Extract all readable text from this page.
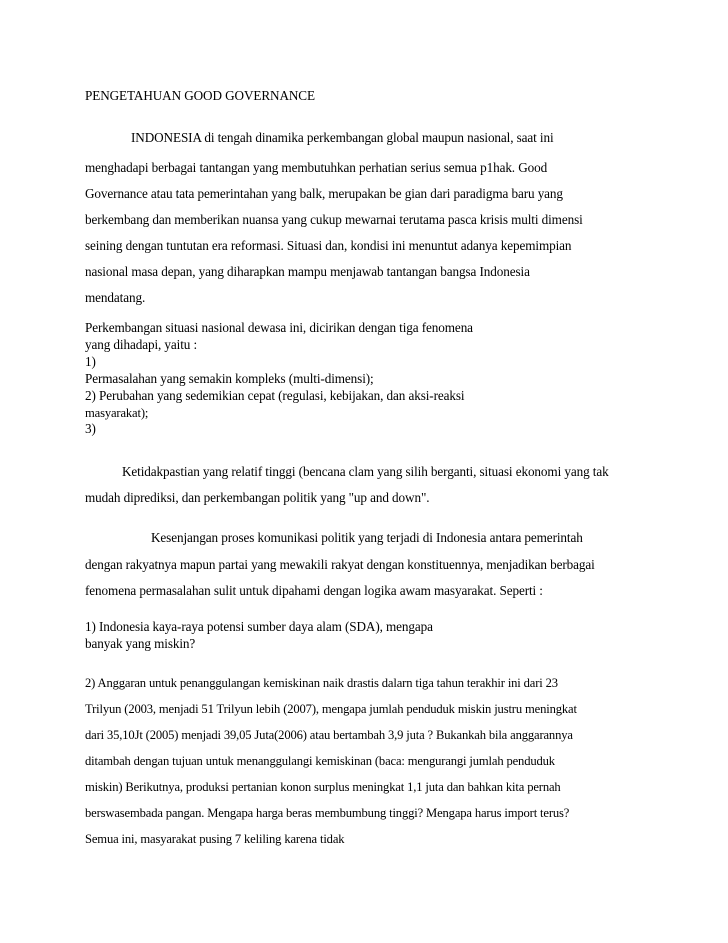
PENGETAHUAN GOOD GOVERNANCE
INDONESIA di tengah dinamika perkembangan global maupun nasional, saat ini
menghadapi berbagai tantangan yang membutuhkan perhatian serius semua p1hak. Good
Governance atau tata pemerintahan yang balk, merupakan be gian dari paradigma baru yang
berkembang dan memberikan nuansa yang cukup mewarnai terutama pasca krisis multi dimensi
seining dengan tuntutan era reformasi. Situasi dan, kondisi ini menuntut adanya kepemimpian
nasional masa depan, yang diharapkan mampu menjawab tantangan bangsa Indonesia
mendatang.
Perkembangan situasi nasional dewasa ini, dicirikan dengan tiga fenomena
yang dihadapi, yaitu :
1)
Permasalahan yang semakin kompleks (multi-dimensi);
2) Perubahan yang sedemikian cepat (regulasi, kebijakan, dan aksi-reaksi
masyarakat);
3)
Ketidakpastian yang relatif tinggi (bencana clam yang silih berganti, situasi ekonomi yang tak
mudah diprediksi, dan perkembangan politik yang "up and down".
Kesenjangan proses komunikasi politik yang terjadi di Indonesia antara pemerintah
dengan rakyatnya mapun partai yang mewakili rakyat dengan konstituennya, menjadikan berbagai
fenomena permasalahan sulit untuk dipahami dengan logika awam masyarakat. Seperti :
1) Indonesia kaya-raya potensi sumber daya alam (SDA), mengapa
banyak yang miskin?
2) Anggaran untuk penanggulangan kemiskinan naik drastis dalarn tiga tahun terakhir ini dari 23
Trilyun (2003, menjadi 51 Trilyun lebih (2007), mengapa jumlah penduduk miskin justru meningkat
dari 35,10Jt (2005) menjadi 39,05 Juta(2006) atau bertambah 3,9 juta ? Bukankah bila anggarannya
ditambah dengan tujuan untuk menanggulangi kemiskinan (baca: mengurangi jumlah penduduk
miskin) Berikutnya, produksi pertanian konon surplus meningkat 1,1 juta dan bahkan kita pernah
berswasembada pangan. Mengapa harga beras membumbung tinggi? Mengapa harus import terus?
Semua ini, masyarakat pusing 7 keliling karena tidak
